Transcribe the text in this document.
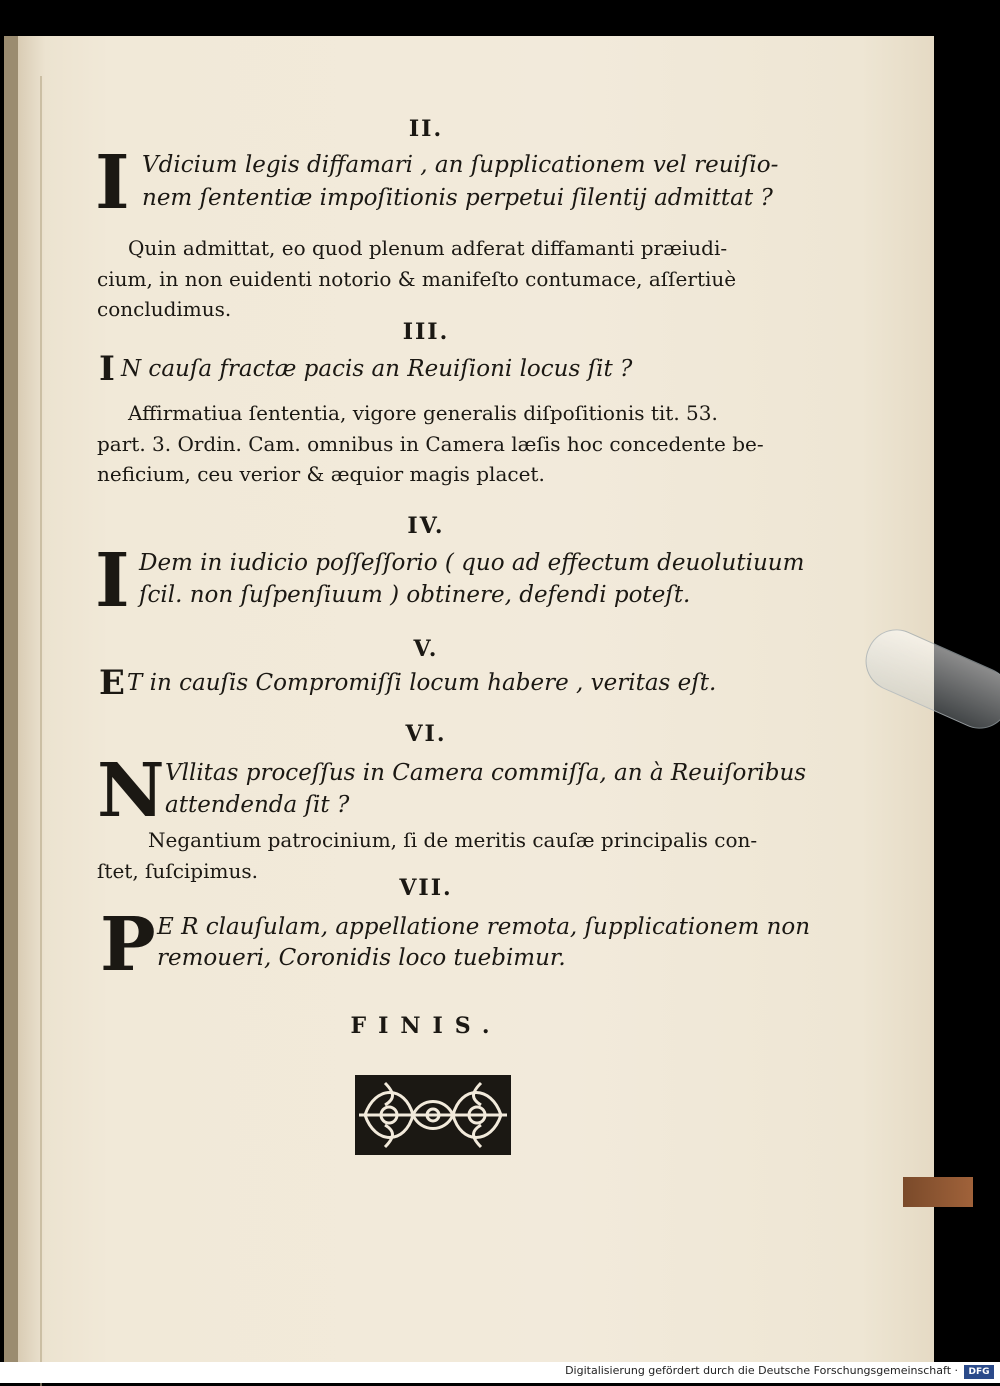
II.
I Vdicium legis diffamari , an ſupplicationem vel reuiſio-
nem ſententiæ impoſitionis perpetui ſilentij admittat ?
Quin admittat, eo quod plenum adferat diffamanti præiudi-
cium, in non euidenti notorio & manifeſto contumace, aſſertiuè
concludimus.
III.
I N cauſa fractæ pacis an Reuiſioni locus ſit ?
Affirmatiua ſententia, vigore generalis diſpoſitionis tit. 53.
part. 3. Ordin. Cam. omnibus in Camera læſis hoc concedente be-
neficium, ceu verior & æquior magis placet.
IV.
I Dem in iudicio poſſeſſorio ( quo ad effectum deuolutiuum
ſcil. non ſuſpenſiuum ) obtinere, defendi poteſt.
V.
E T in cauſis Compromiſſi locum habere , veritas eſt.
VI.
N Vllitas proceſſus in Camera commiſſa, an à Reuiſoribus
attendenda ſit ?
Negantium patrocinium, ſi de meritis cauſæ principalis con-
ſtet, ſuſcipimus.
VII.
P E R clauſulam, appellatione remota, ſupplicationem non
remoueri, Coronidis loco tuebimur.
FINIS.
Digitalisierung gefördert durch die Deutsche Forschungsgemeinschaft ·	DFG
